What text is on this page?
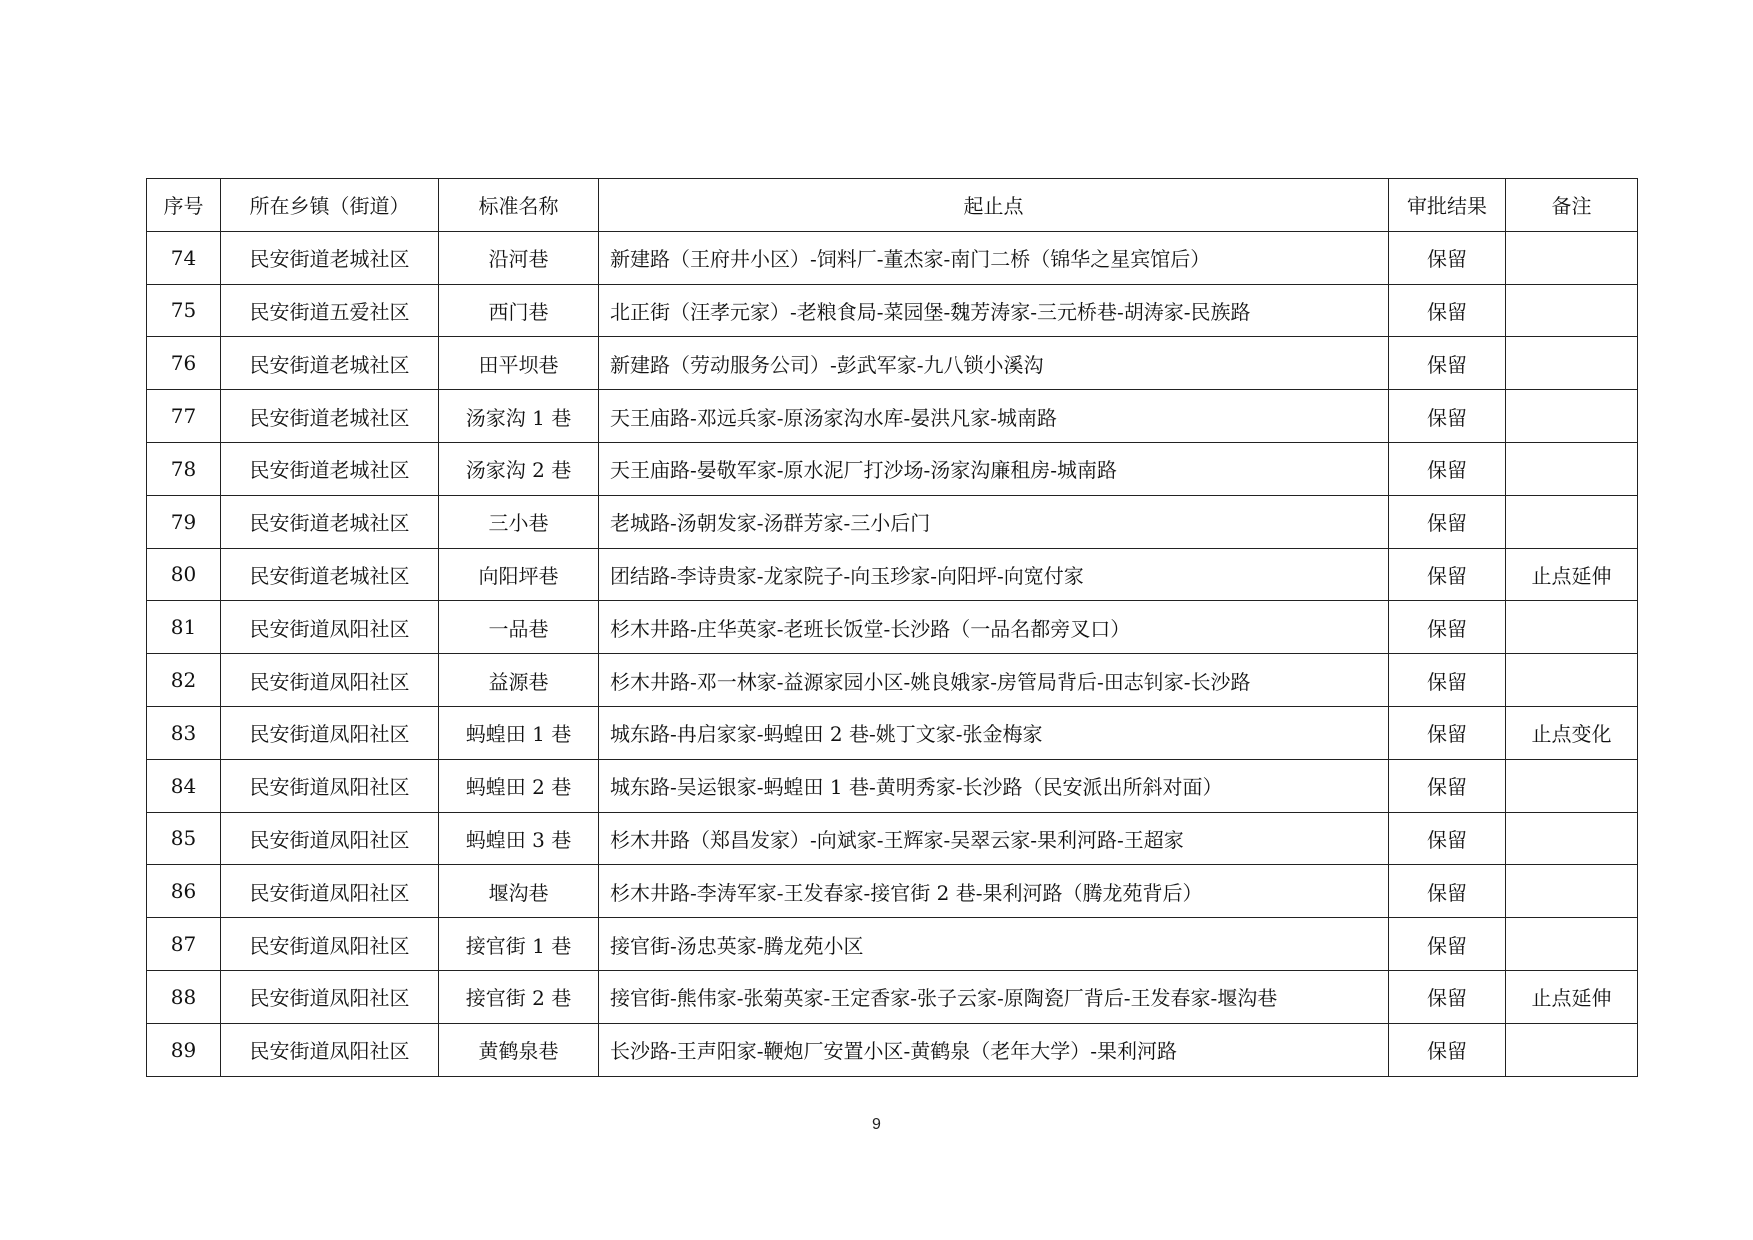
序号	所在乡镇（街道）	标准名称	起止点	审批结果	备注
74	民安街道老城社区	沿河巷	新建路（王府井小区）-饲料厂-董杰家-南门二桥（锦华之星宾馆后）	保留	
75	民安街道五爱社区	西门巷	北正街（汪孝元家）-老粮食局-菜园堡-魏芳涛家-三元桥巷-胡涛家-民族路	保留	
76	民安街道老城社区	田平坝巷	新建路（劳动服务公司）-彭武军家-九八锁小溪沟	保留	
77	民安街道老城社区	汤家沟 1 巷	天王庙路-邓远兵家-原汤家沟水库-晏洪凡家-城南路	保留	
78	民安街道老城社区	汤家沟 2 巷	天王庙路-晏敬军家-原水泥厂打沙场-汤家沟廉租房-城南路	保留	
79	民安街道老城社区	三小巷	老城路-汤朝发家-汤群芳家-三小后门	保留	
80	民安街道老城社区	向阳坪巷	团结路-李诗贵家-龙家院子-向玉珍家-向阳坪-向宽付家	保留	止点延伸
81	民安街道凤阳社区	一品巷	杉木井路-庄华英家-老班长饭堂-长沙路（一品名都旁叉口）	保留	
82	民安街道凤阳社区	益源巷	杉木井路-邓一林家-益源家园小区-姚良娥家-房管局背后-田志钊家-长沙路	保留	
83	民安街道凤阳社区	蚂蝗田 1 巷	城东路-冉启家家-蚂蝗田 2 巷-姚丁文家-张金梅家	保留	止点变化
84	民安街道凤阳社区	蚂蝗田 2 巷	城东路-吴运银家-蚂蝗田 1 巷-黄明秀家-长沙路（民安派出所斜对面）	保留	
85	民安街道凤阳社区	蚂蝗田 3 巷	杉木井路（郑昌发家）-向斌家-王辉家-吴翠云家-果利河路-王超家	保留	
86	民安街道凤阳社区	堰沟巷	杉木井路-李涛军家-王发春家-接官街 2 巷-果利河路（腾龙苑背后）	保留	
87	民安街道凤阳社区	接官街 1 巷	接官街-汤忠英家-腾龙苑小区	保留	
88	民安街道凤阳社区	接官街 2 巷	接官街-熊伟家-张菊英家-王定香家-张子云家-原陶瓷厂背后-王发春家-堰沟巷	保留	止点延伸
89	民安街道凤阳社区	黄鹤泉巷	长沙路-王声阳家-鞭炮厂安置小区-黄鹤泉（老年大学）-果利河路	保留	
9
